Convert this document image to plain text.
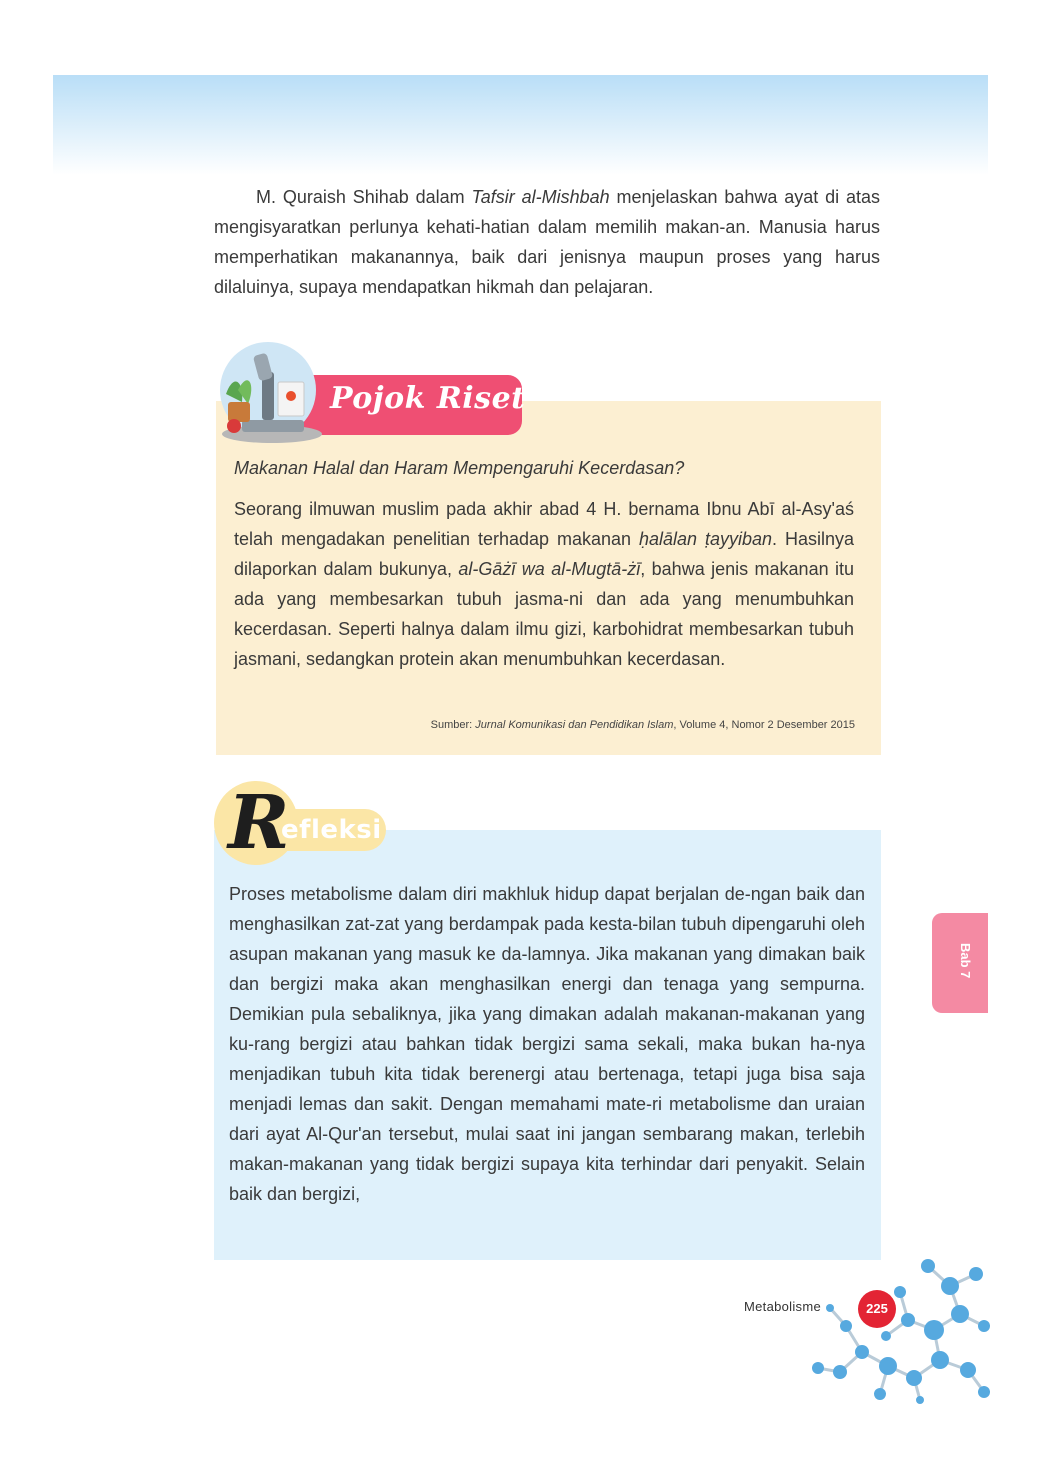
M. Quraish Shihab dalam Tafsir al-Mishbah menjelaskan bahwa ayat di atas mengisyaratkan perlunya kehati-hatian dalam memilih makan-an. Manusia harus memperhatikan makanannya, baik dari jenisnya maupun proses yang harus dilaluinya, supaya mendapatkan hikmah dan pelajaran.

Pojok Riset

Makanan Halal dan Haram Mempengaruhi Kecerdasan?

Seorang ilmuwan muslim pada akhir abad 4 H. bernama Ibnu Abī al-Asy'aś telah mengadakan penelitian terhadap makanan ḥalālan ṭayyiban. Hasilnya dilaporkan dalam bukunya, al-Gāżī wa al-Mugtā-żī, bahwa jenis makanan itu ada yang membesarkan tubuh jasma-ni dan ada yang menumbuhkan kecerdasan. Seperti halnya dalam ilmu gizi, karbohidrat membesarkan tubuh jasmani, sedangkan protein akan menumbuhkan kecerdasan.

Sumber: Jurnal Komunikasi dan Pendidikan Islam, Volume 4, Nomor 2 Desember 2015

R
efleksi

Proses metabolisme dalam diri makhluk hidup dapat berjalan de-ngan baik dan menghasilkan zat-zat yang berdampak pada kesta-bilan tubuh dipengaruhi oleh asupan makanan yang masuk ke da-lamnya. Jika makanan yang dimakan baik dan bergizi maka akan menghasilkan energi dan tenaga yang sempurna. Demikian pula sebaliknya, jika yang dimakan adalah makanan-makanan yang ku-rang bergizi atau bahkan tidak bergizi sama sekali, maka bukan ha-nya menjadikan tubuh kita tidak berenergi atau bertenaga, tetapi juga bisa saja menjadi lemas dan sakit. Dengan memahami mate-ri metabolisme dan uraian dari ayat Al-Qur'an tersebut, mulai saat ini jangan sembarang makan, terlebih makan-makanan yang tidak bergizi supaya kita terhindar dari penyakit. Selain baik dan bergizi,

Bab 7
Metabolisme	225
